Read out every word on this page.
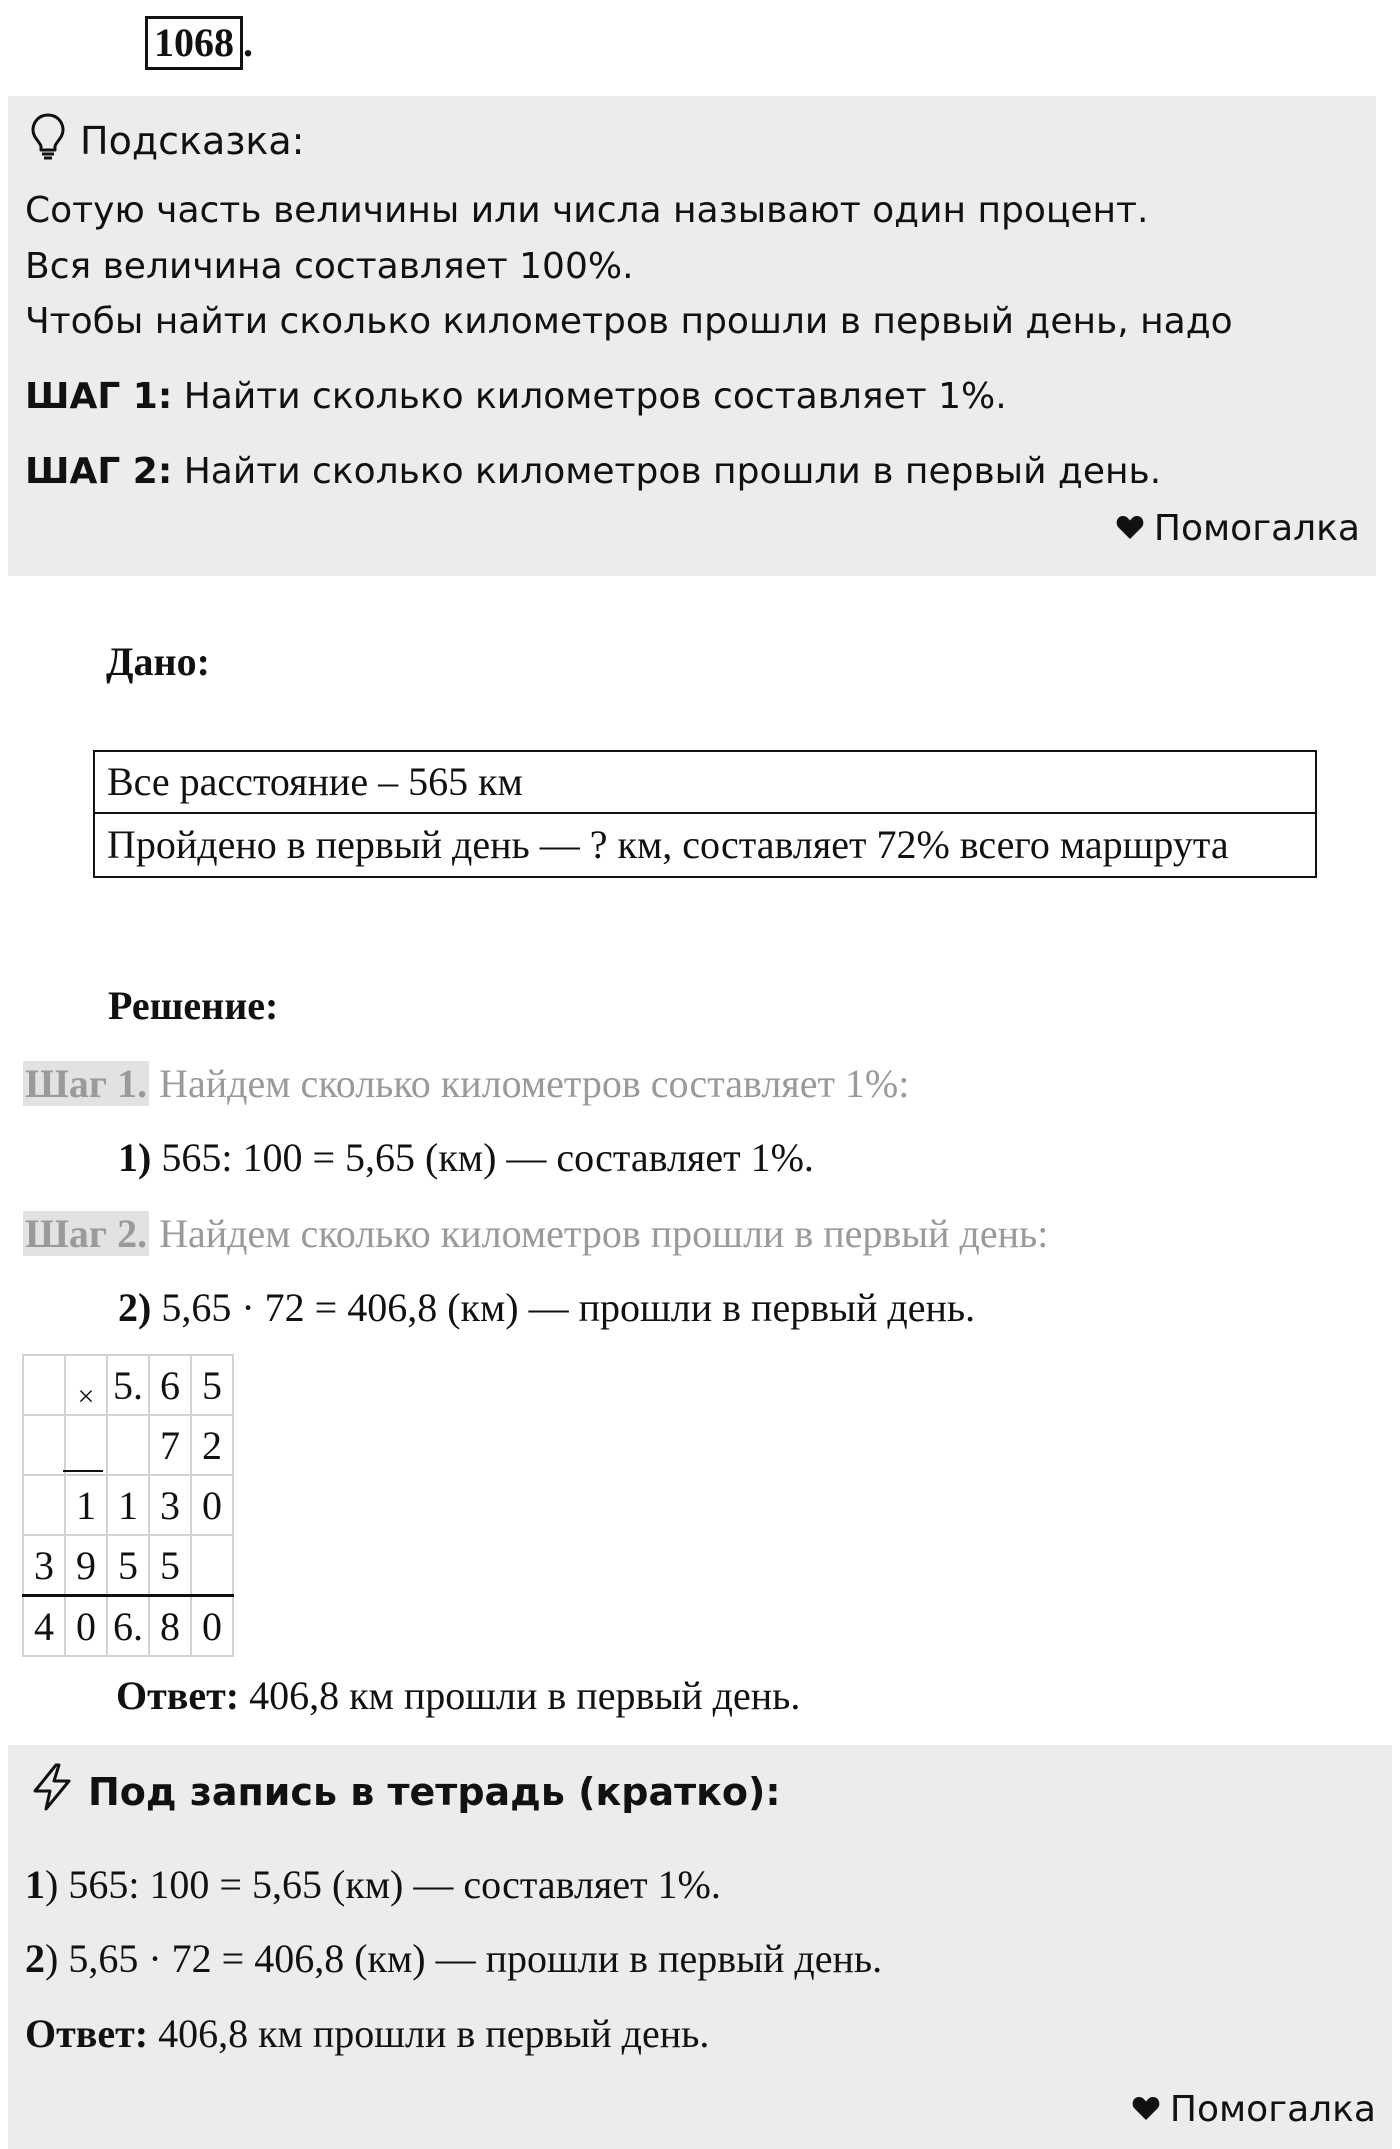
1068 .
Подсказка:
Сотую часть величины или числа называют один процент.
Вся величина составляет 100%.
Чтобы найти сколько километров прошли в первый день, надо
ШАГ 1: Найти сколько километров составляет 1%.
ШАГ 2: Найти сколько километров прошли в первый день.
Помогалка
Дано:
Все расстояние – 565 км
Пройдено в первый день — ? км, составляет 72% всего маршрута
Решение:
Шаг 1. Найдем сколько километров составляет 1%:
1) 565: 100 = 5,65 (км) — составляет 1%.
Шаг 2. Найдем сколько километров прошли в первый день:
2) 5,65 · 72 = 406,8 (км) — прошли в первый день.
	×	5.	6	5
			7	2
	1	1	3	0
3	9	5	5	
4	0	6.	8	0
Ответ: 406,8 км прошли в первый день.
Под запись в тетрадь (кратко):
1) 565: 100 = 5,65 (км) — составляет 1%.
2) 5,65 · 72 = 406,8 (км) — прошли в первый день.
Ответ: 406,8 км прошли в первый день.
Помогалка
